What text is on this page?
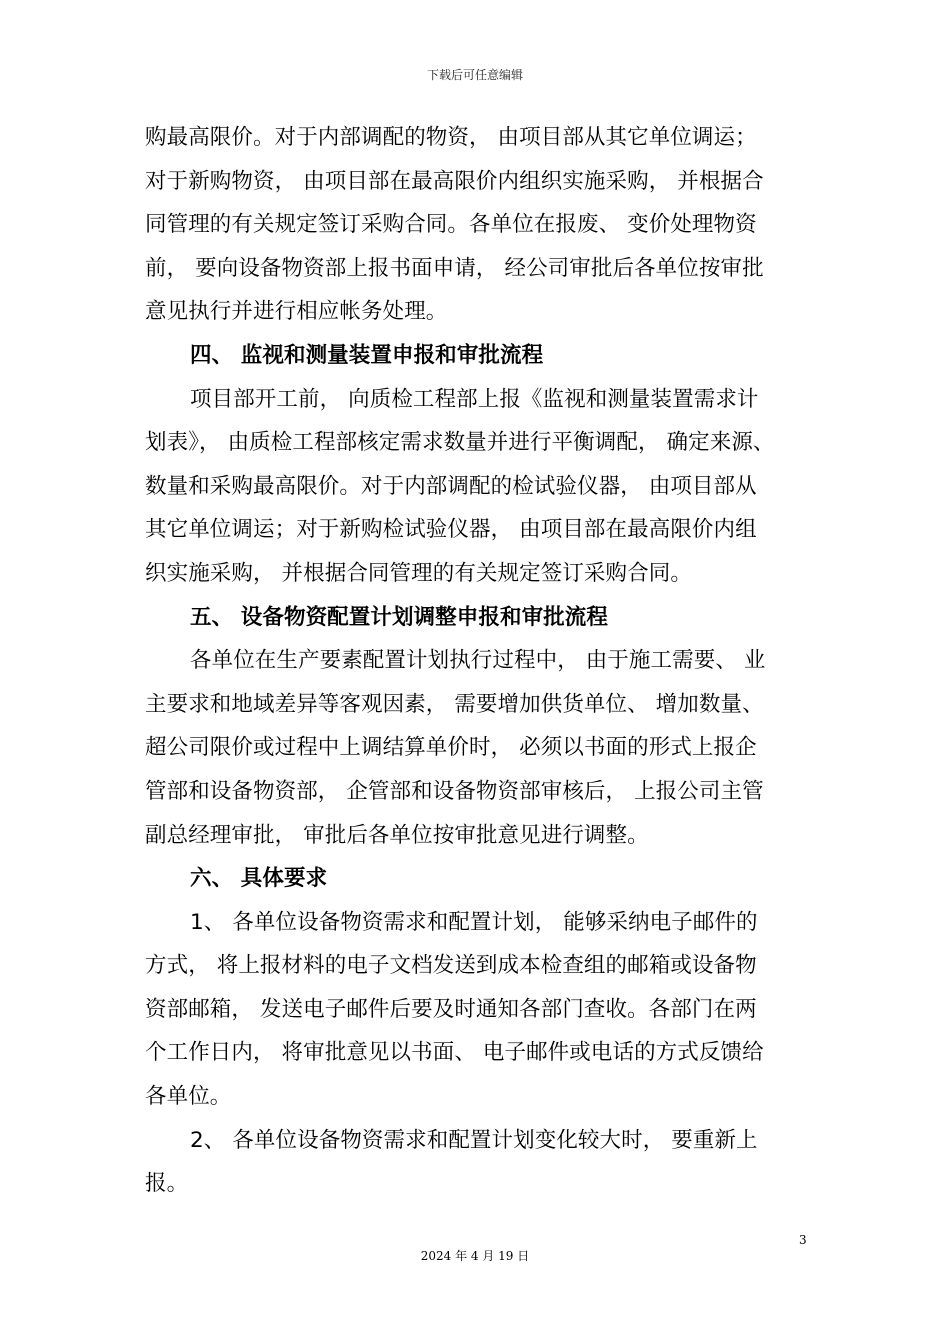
下载后可任意编辑
购最高限价。对于内部调配的物资， 由项目部从其它单位调运；
对于新购物资， 由项目部在最高限价内组织实施采购， 并根据合
同管理的有关规定签订采购合同。各单位在报废、 变价处理物资
前， 要向设备物资部上报书面申请， 经公司审批后各单位按审批
意见执行并进行相应帐务处理。
四、 监视和测量装置申报和审批流程
项目部开工前， 向质检工程部上报《监视和测量装置需求计
划表》， 由质检工程部核定需求数量并进行平衡调配， 确定来源、
数量和采购最高限价。对于内部调配的检试验仪器， 由项目部从
其它单位调运；对于新购检试验仪器， 由项目部在最高限价内组
织实施采购， 并根据合同管理的有关规定签订采购合同。
五、 设备物资配置计划调整申报和审批流程
各单位在生产要素配置计划执行过程中， 由于施工需要、 业
主要求和地域差异等客观因素， 需要增加供货单位、 增加数量、
超公司限价或过程中上调结算单价时， 必须以书面的形式上报企
管部和设备物资部， 企管部和设备物资部审核后， 上报公司主管
副总经理审批， 审批后各单位按审批意见进行调整。
六、 具体要求
1、 各单位设备物资需求和配置计划， 能够采纳电子邮件的
方式， 将上报材料的电子文档发送到成本检查组的邮箱或设备物
资部邮箱， 发送电子邮件后要及时通知各部门查收。各部门在两
个工作日内， 将审批意见以书面、 电子邮件或电话的方式反馈给
各单位。
2、 各单位设备物资需求和配置计划变化较大时， 要重新上
报。
3
2024 年 4 月 19 日
